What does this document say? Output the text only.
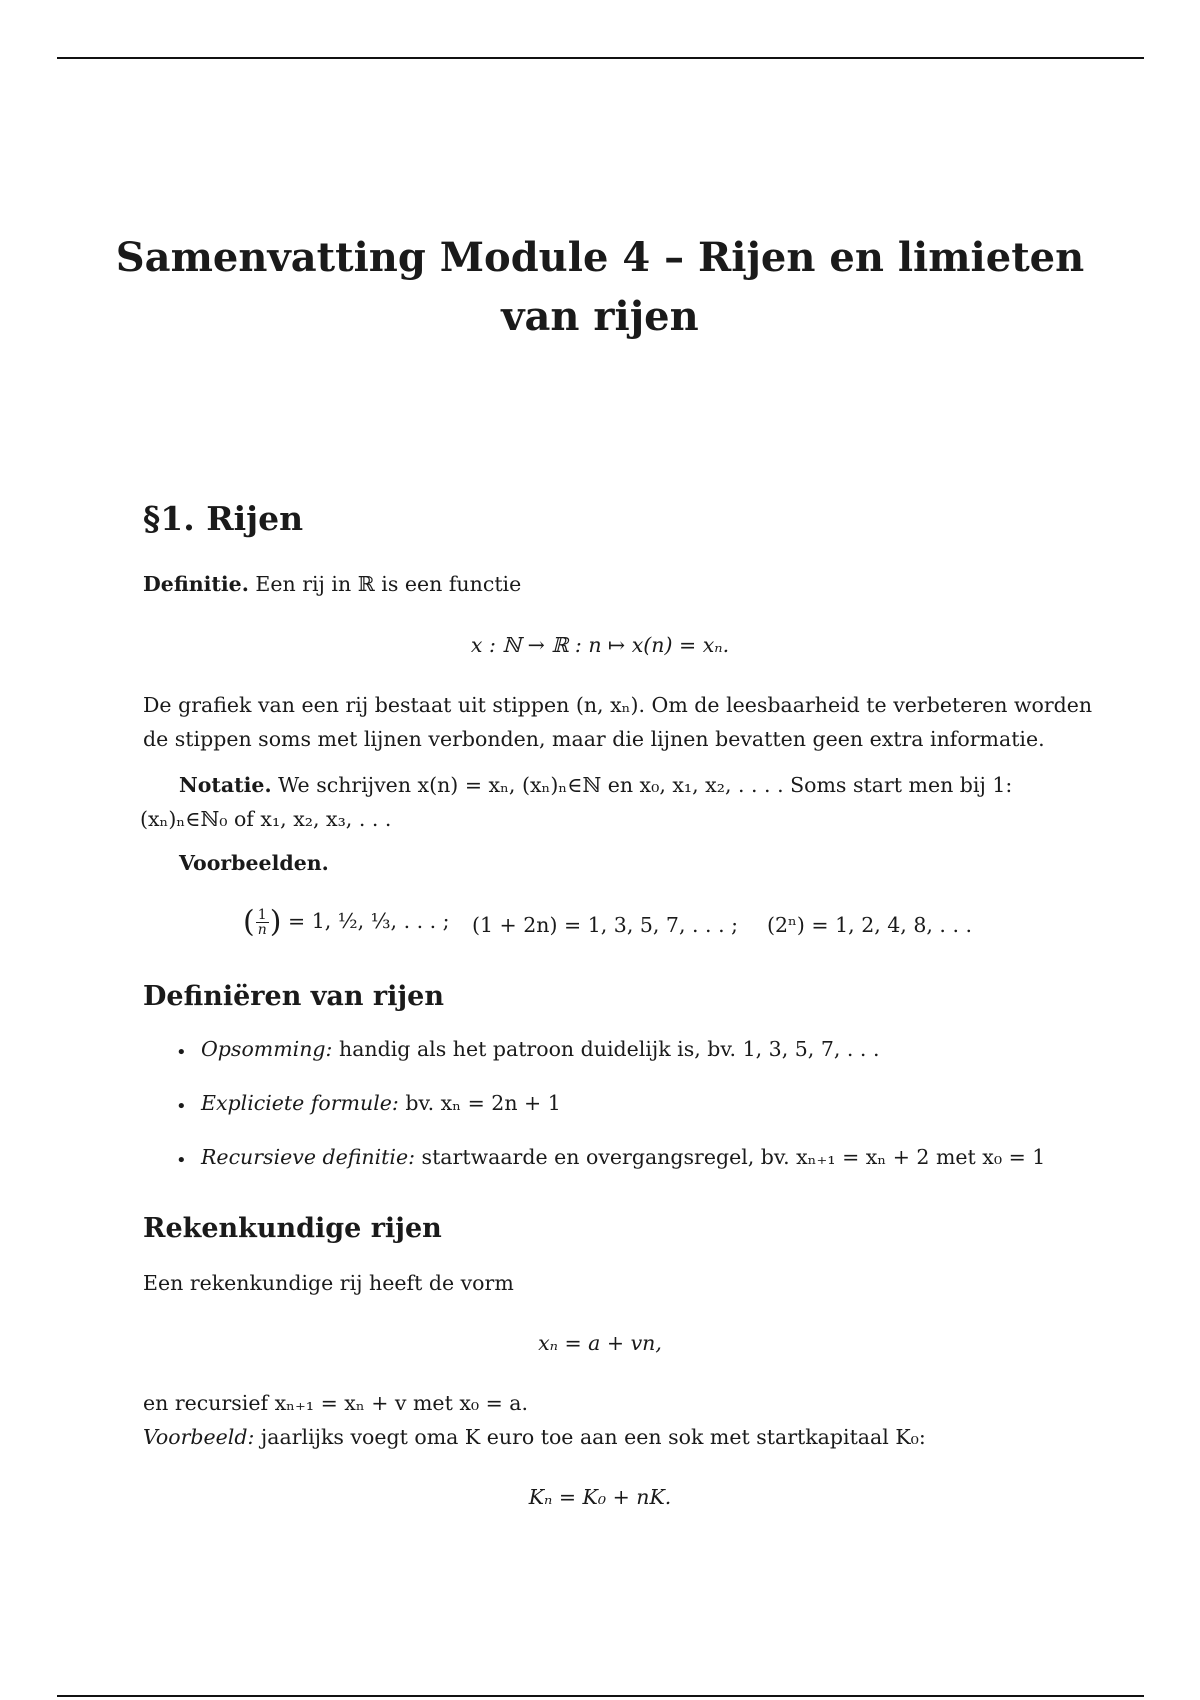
Samenvatting Module 4 – Rijen en limieten van rijen
§1. Rijen
Definitie. Een rij in ℝ is een functie
x : ℕ → ℝ : n ↦ x(n) = xₙ.
De grafiek van een rij bestaat uit stippen (n, xₙ). Om de leesbaarheid te verbeteren worden
de stippen soms met lijnen verbonden, maar die lijnen bevatten geen extra informatie.
Notatie. We schrijven x(n) = xₙ, (xₙ)ₙ∈ℕ en x₀, x₁, x₂, . . . . Soms start men bij 1:
(xₙ)ₙ∈ℕ₀ of x₁, x₂, x₃, . . .
Voorbeelden.
( $\frac{1}{n}$ ) = 1, ½, ⅓, . . . ; (1 + 2n) = 1, 3, 5, 7, . . . ; (2ⁿ) = 1, 2, 4, 8, . . .
Definiëren van rijen
• Opsomming: handig als het patroon duidelijk is, bv. 1, 3, 5, 7, . . .
• Expliciete formule: bv. xₙ = 2n + 1
• Recursieve definitie: startwaarde en overgangsregel, bv. xₙ₊₁ = xₙ + 2 met x₀ = 1
Rekenkundige rijen
Een rekenkundige rij heeft de vorm
xₙ = a + vn,
en recursief xₙ₊₁ = xₙ + v met x₀ = a.
Voorbeeld: jaarlijks voegt oma K euro toe aan een sok met startkapitaal K₀:
Kₙ = K₀ + nK.
